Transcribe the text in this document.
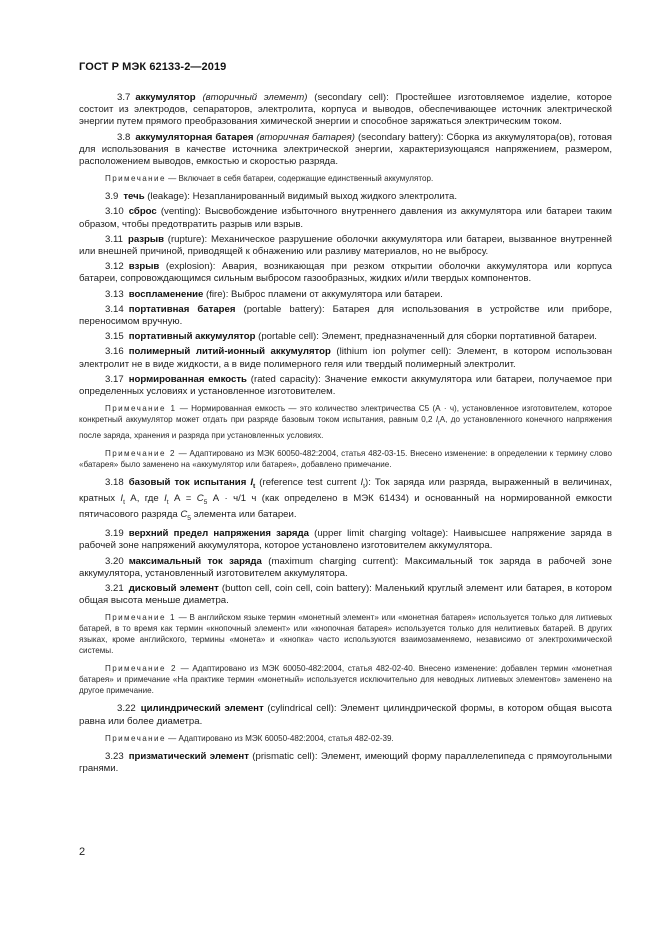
ГОСТ Р МЭК 62133-2—2019

3.7 аккумулятор (вторичный элемент) (secondary cell): Простейшее изготовляемое изделие, которое состоит из электродов, сепараторов, электролита, корпуса и выводов, обеспечивающее источник электрической энергии путем прямого преобразования химической энергии и способное заряжаться электрическим током.

3.8 аккумуляторная батарея (вторичная батарея) (secondary battery): Сборка из аккумулятора(ов), готовая для использования в качестве источника электрической энергии, характеризующаяся напряжением, размером, расположением выводов, емкостью и скоростью разряда.

Примечание — Включает в себя батареи, содержащие единственный аккумулятор.

3.9 течь (leakage): Незапланированный видимый выход жидкого электролита.

3.10 сброс (venting): Высвобождение избыточного внутреннего давления из аккумулятора или батареи таким образом, чтобы предотвратить разрыв или взрыв.

3.11 разрыв (rupture): Механическое разрушение оболочки аккумулятора или батареи, вызванное внутренней или внешней причиной, приводящей к обнажению или разливу материалов, но не выбросу.

3.12 взрыв (explosion): Авария, возникающая при резком открытии оболочки аккумулятора или корпуса батареи, сопровождающимся сильным выбросом газообразных, жидких и/или твердых компонентов.

3.13 воспламенение (fire): Выброс пламени от аккумулятора или батареи.

3.14 портативная батарея (portable battery): Батарея для использования в устройстве или приборе, переносимом вручную.

3.15 портативный аккумулятор (portable cell): Элемент, предназначенный для сборки портативной батареи.

3.16 полимерный литий-ионный аккумулятор (lithium ion polymer cell): Элемент, в котором использован электролит не в виде жидкости, а в виде полимерного геля или твердый полимерный электролит.

3.17 нормированная емкость (rated capacity): Значение емкости аккумулятора или батареи, получаемое при определенных условиях и установленное изготовителем.

Примечание 1 — Нормированная емкость — это количество электричества C5 (А · ч), установленное изготовителем, которое конкретный аккумулятор может отдать при разряде базовым током испытания, равным 0,2 $I_tА$, до установленного конечного напряжения после заряда, хранения и разряда при установленных условиях.

Примечание 2 — Адаптировано из МЭК 60050-482:2004, статья 482-03-15. Внесено изменение: в определении к термину слово «батарея» было заменено на «аккумулятор или батарея», добавлено примечание.

3.18 базовый ток испытания $I_t$ (reference test current $I_t$): Ток заряда или разряда, выраженный в величинах, кратных $I_t$ А, где $I_t$ $А = C_5$ А · ч/1 ч (как определено в МЭК 61434) и основанный на нормированной емкости пятичасового разряда $C_5$ элемента или батареи.

3.19 верхний предел напряжения заряда (upper limit charging voltage): Наивысшее напряжение заряда в рабочей зоне напряжений аккумулятора, которое установлено изготовителем аккумулятора.

3.20 максимальный ток заряда (maximum charging current): Максимальный ток заряда в рабочей зоне аккумулятора, установленный изготовителем аккумулятора.

3.21 дисковый элемент (button cell, coin cell, coin battery): Маленький круглый элемент или батарея, в котором общая высота меньше диаметра.

Примечание 1 — В английском языке термин «монетный элемент» или «монетная батарея» используется только для литиевых батарей, в то время как термин «кнопочный элемент» или «кнопочная батарея» используется только для нелитиевых батарей. В других языках, кроме английского, термины «монета» и «кнопка» часто используются взаимозаменяемо, независимо от электрохимической системы.

Примечание 2 — Адаптировано из МЭК 60050-482:2004, статья 482-02-40. Внесено изменение: добавлен термин «монетная батарея» и примечание «На практике термин «монетный» используется исключительно для неводных литиевых элементов» заменено на другое примечание.

3.22 цилиндрический элемент (cylindrical cell): Элемент цилиндрической формы, в котором общая высота равна или более диаметра.

Примечание — Адаптировано из МЭК 60050-482:2004, статья 482-02-39.

3.23 призматический элемент (prismatic cell): Элемент, имеющий форму параллелепипеда с прямоугольными гранями.

2
